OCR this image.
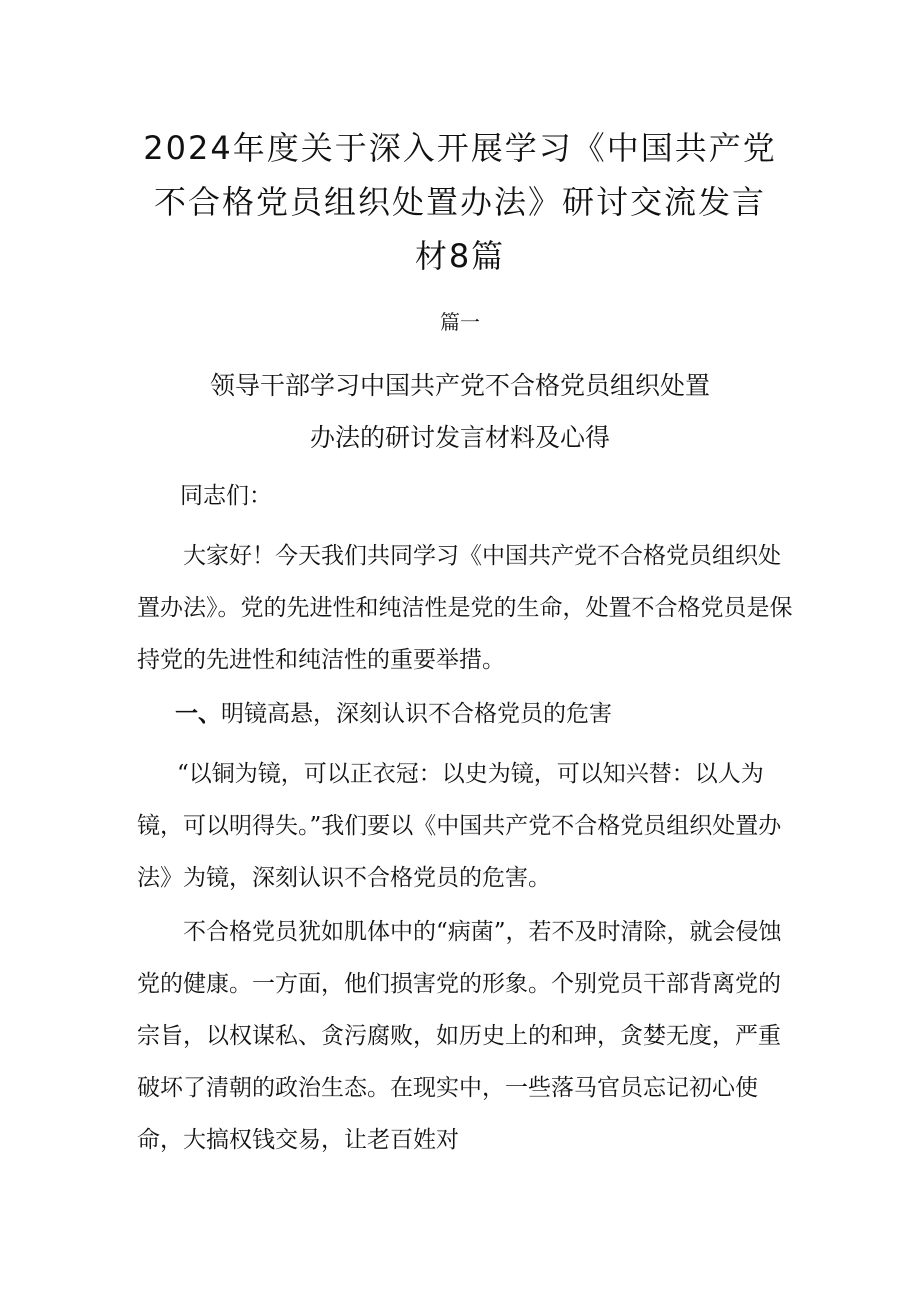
2024年度关于深入开展学习《中国共产党
不合格党员组织处置办法》研讨交流发言
材8篇
篇一
领导干部学习中国共产党不合格党员组织处置
办法的研讨发言材料及心得

同志们：

大家好！今天我们共同学习《中国共产党不合格党员组织处置办法》。党的先进性和纯洁性是党的生命，处置不合格党员是保持党的先进性和纯洁性的重要举措。

一、明镜高悬，深刻认识不合格党员的危害

“以铜为镜，可以正衣冠：以史为镜，可以知兴替：以人为镜，可以明得失。”我们要以《中国共产党不合格党员组织处置办法》为镜，深刻认识不合格党员的危害。

不合格党员犹如肌体中的“病菌”，若不及时清除，就会侵蚀党的健康。一方面，他们损害党的形象。个别党员干部背离党的宗旨，以权谋私、贪污腐败，如历史上的和珅，贪婪无度，严重破坏了清朝的政治生态。在现实中，一些落马官员忘记初心使命，大搞权钱交易，让老百姓对
